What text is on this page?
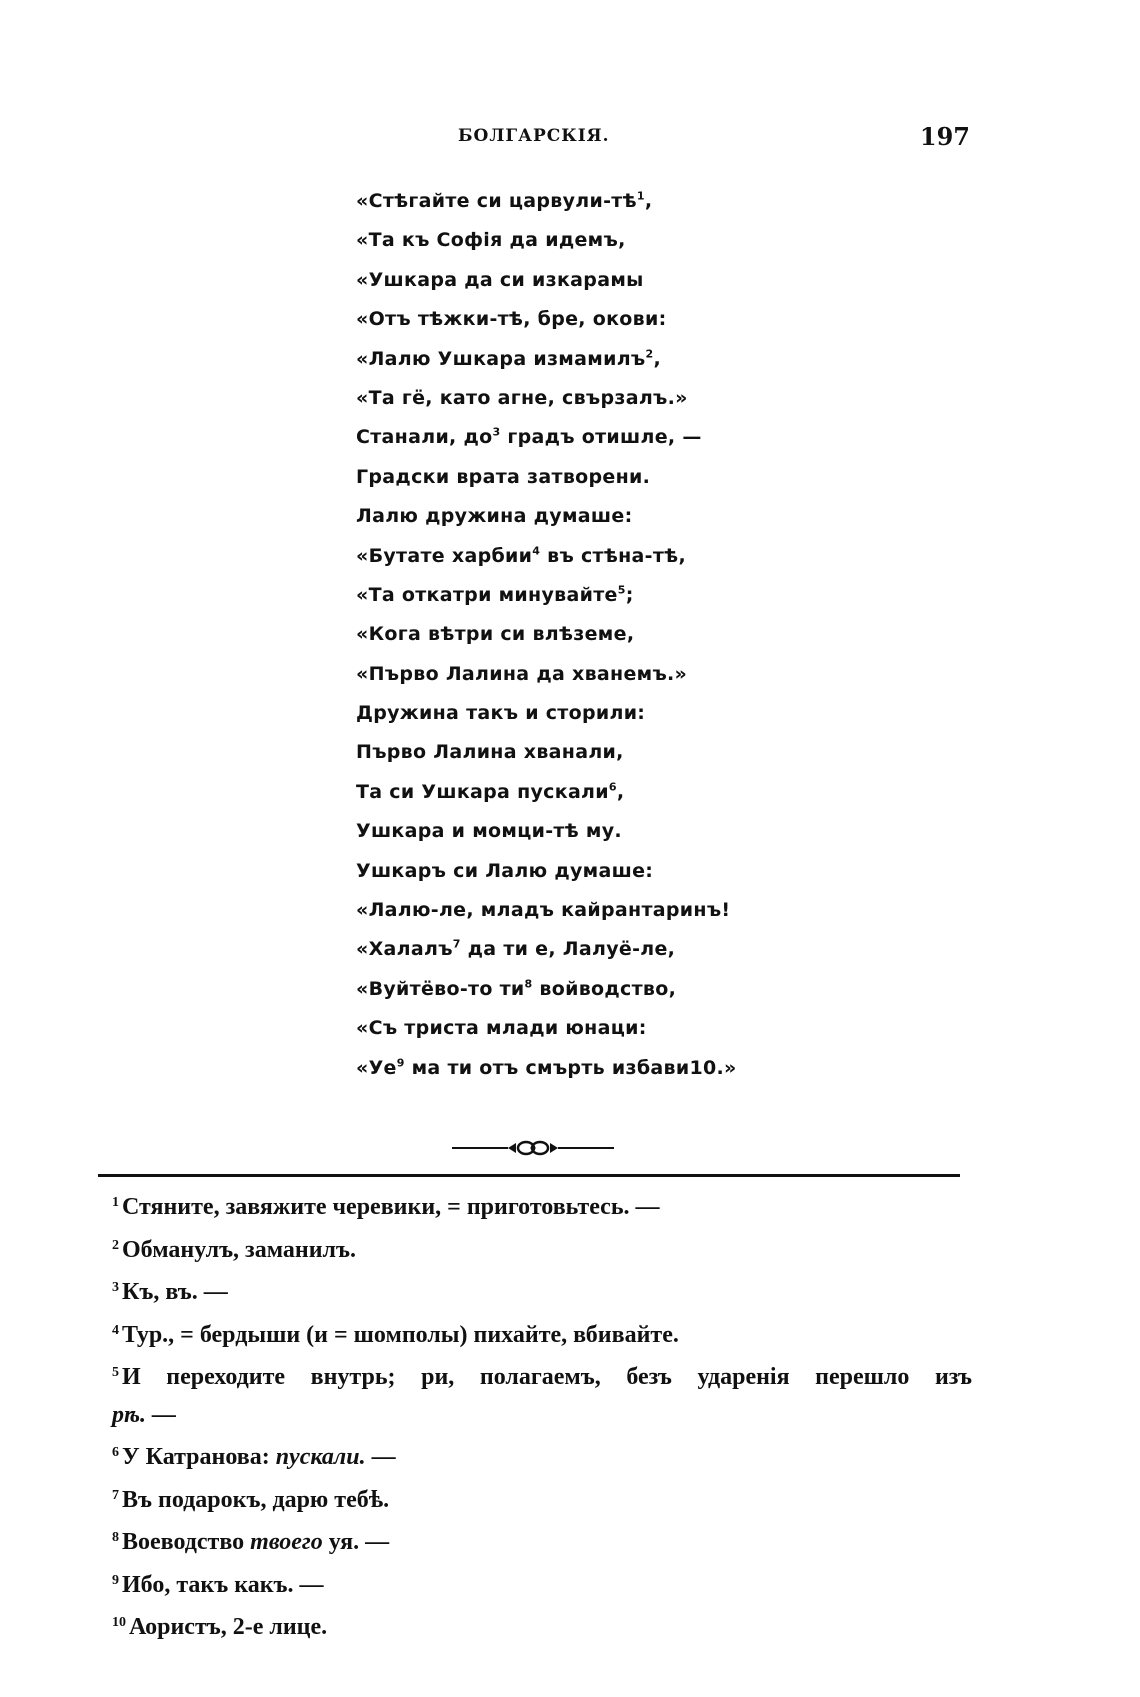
БОЛГАРСКІЯ.	197
«Стѣгайте си царвули-$тѣ^1$,
«Та къ Софія да идемъ,
«Ушкара да си изкарамы
«Отъ тѣжки-тѣ, бре, окови:
«Лалю Ушкара измамилъ$^2$,
«Та гё, като агне, свързалъ.»
Станали, $до^3$ градъ отишле, —
Градски врата затворени.
Лалю дружина думаше:
«Бутате харбии$^4$ въ стѣна-тѣ,
«Та откатри минувайте$^5$;
«Кога вѣтри си влѣземе,
«Първо Лалина да хванемъ.»
Дружина такъ и сторили:
Първо Лалина хванали,
Та си Ушкара пускали$^6$,
Ушкара и момци-тѣ му.
Ушкаръ си Лалю думаше:
«Лалю-ле, младъ кайрантаринъ!
«Халалъ$^7$ да ти е, Лалуё-ле,
«Вуйтёво-то $ти^8$ войводство,
«Съ триста млади юнаци:
«$Уе^9$ ма ти отъ смърть избави10.»
$^1$ Стяните, завяжите черевики, = приготовьтесь. —
$^2$ Обманулъ, заманилъ.
$^3$ Къ, въ. —
$^4$ Тур., = бердыши (и = шомполы) пихайте, вбивайте.
$^5$ И переходите внутрь; ри, полагаемъ, безъ ударенія перешло изъ
рѣ. —
$^6$ У Катранова: пускали. —
$^7$ Въ подарокъ, дарю тебѣ.
$^8$ Воеводство твоего уя. —
$^9$ Ибо, такъ какъ. —
$^{10}$ Аористъ, 2-е лице.
